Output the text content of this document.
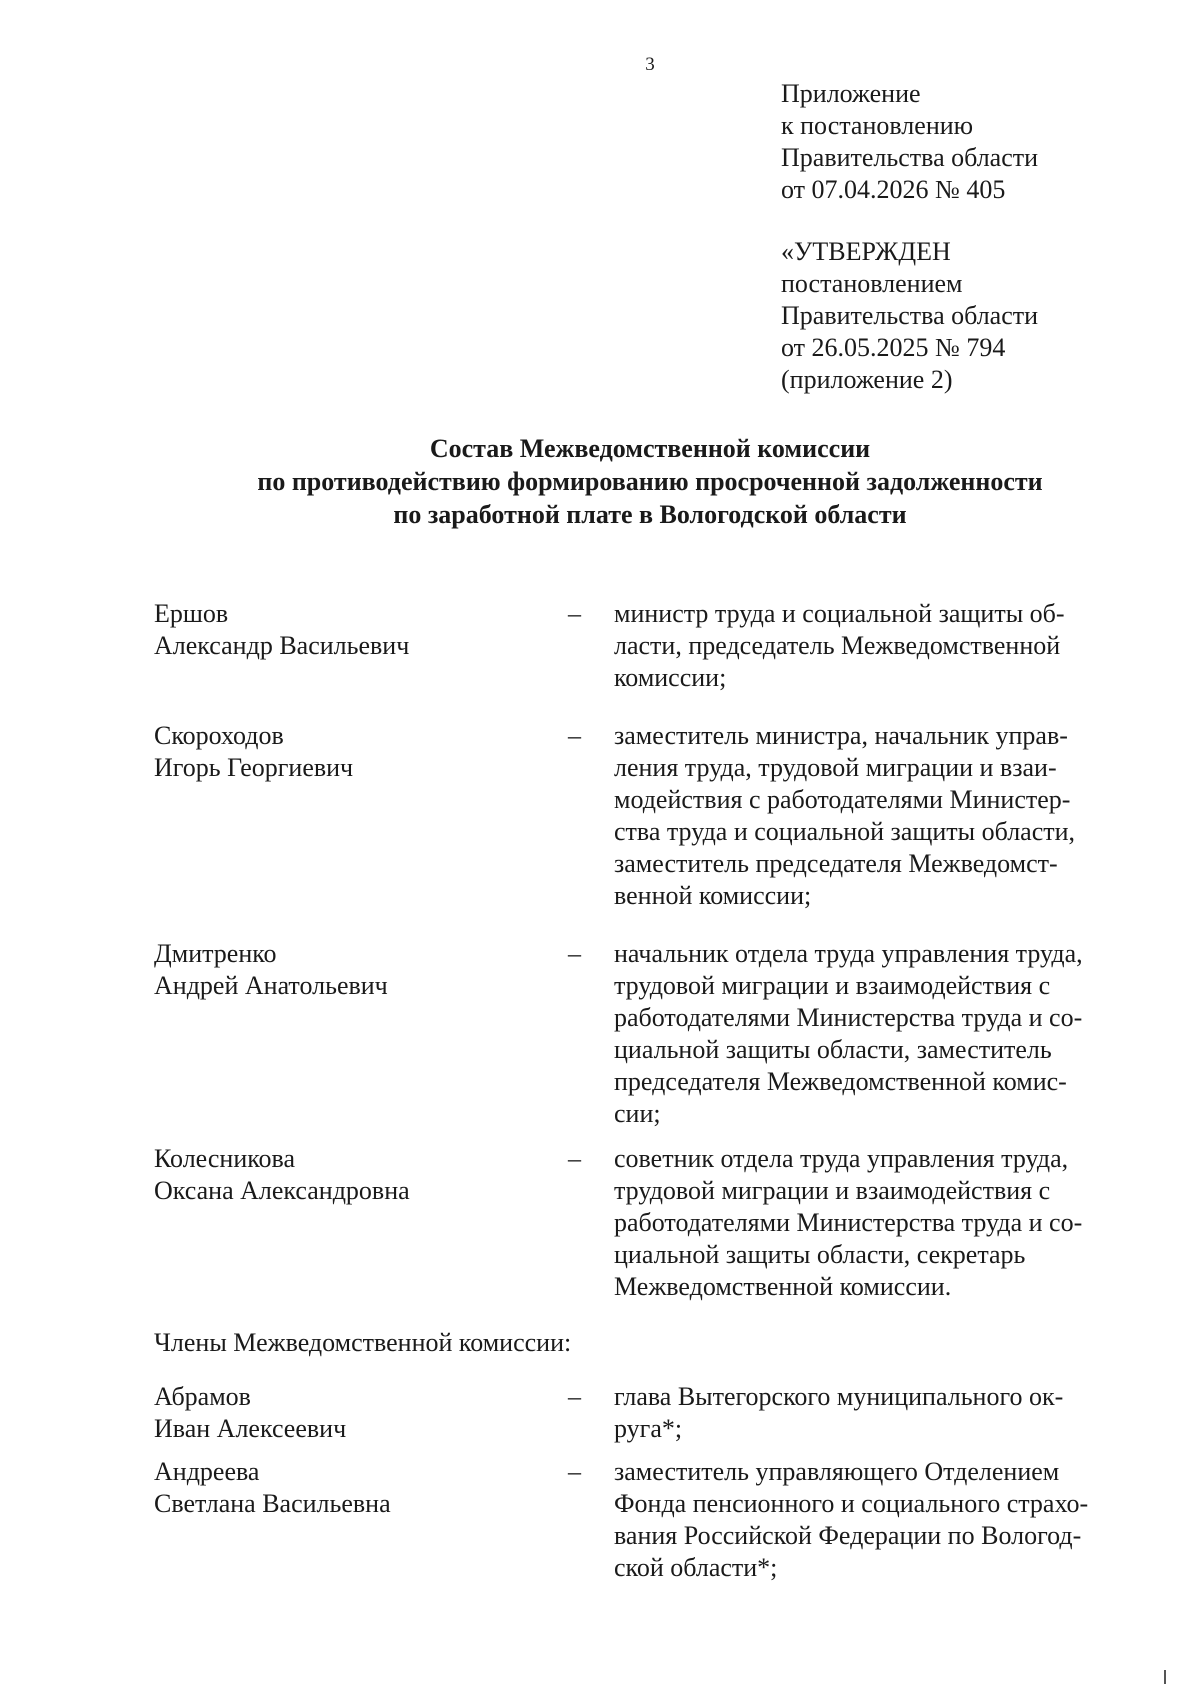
3
Приложение
к постановлению
Правительства области
от 07.04.2026 № 405
«УТВЕРЖДЕН
постановлением
Правительства области
от 26.05.2025 № 794
(приложение 2)
Состав Межведомственной комиссии
по противодействию формированию просроченной задолженности
по заработной плате в Вологодской области
Ершов
Александр Васильевич
–	министр труда и социальной защиты об-
ласти, председатель Межведомственной
комиссии;
Скороходов
Игорь Георгиевич
–	заместитель министра, начальник управ-
ления труда, трудовой миграции и взаи-
модействия с работодателями Министер-
ства труда и социальной защиты области,
заместитель председателя Межведомст-
венной комиссии;
Дмитренко
Андрей Анатольевич
–	начальник отдела труда управления труда,
трудовой миграции и взаимодействия с
работодателями Министерства труда и со-
циальной защиты области, заместитель
председателя Межведомственной комис-
сии;
Колесникова
Оксана Александровна
–	советник отдела труда управления труда,
трудовой миграции и взаимодействия с
работодателями Министерства труда и со-
циальной защиты области, секретарь
Межведомственной комиссии.
Члены Межведомственной комиссии:
Абрамов
Иван Алексеевич
–	глава Вытегорского муниципального ок-
руга*;
Андреева
Светлана Васильевна
–	заместитель управляющего Отделением
Фонда пенсионного и социального страхо-
вания Российской Федерации по Вологод-
ской области*;
